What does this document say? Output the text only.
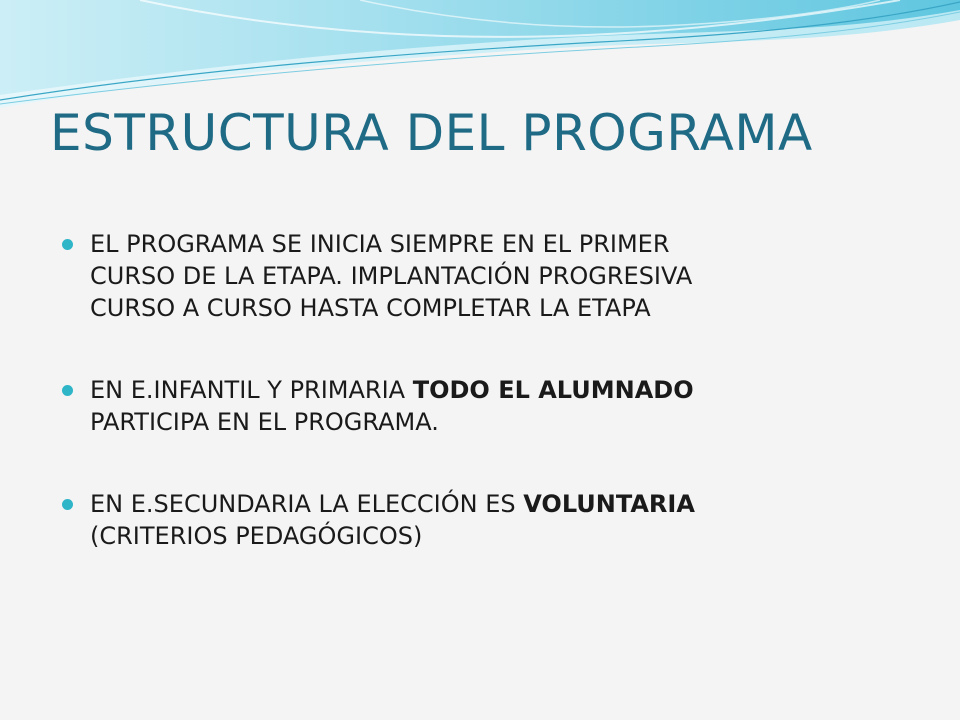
ESTRUCTURA DEL PROGRAMA
EL PROGRAMA SE INICIA SIEMPRE EN EL PRIMER
CURSO DE LA ETAPA. IMPLANTACIÓN PROGRESIVA
CURSO A CURSO HASTA COMPLETAR LA ETAPA
EN E.INFANTIL Y PRIMARIA TODO EL ALUMNADO
PARTICIPA EN EL PROGRAMA.
EN E.SECUNDARIA LA ELECCIÓN ES VOLUNTARIA
(CRITERIOS PEDAGÓGICOS)
